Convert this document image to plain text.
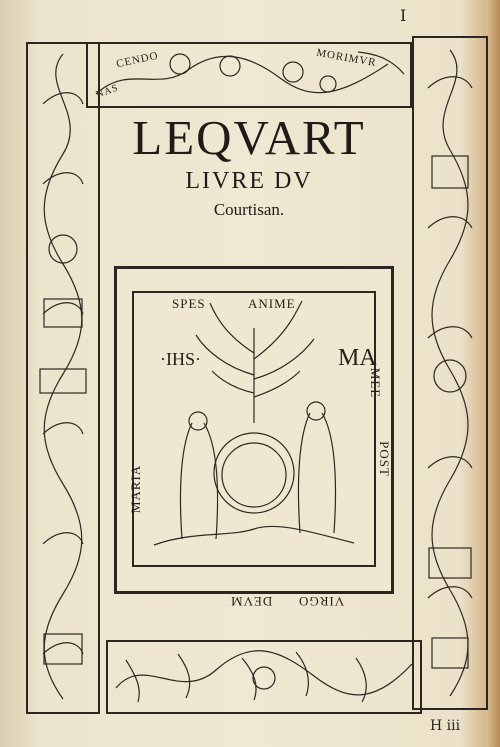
I
H iii
CENDO
NAS
MORIMVR
LEQVART
LIVRE DV
Courtisan.
SPES	ANIME
MEE
POST
DEVM VIRGO
MARIA
·IHS·	MA
